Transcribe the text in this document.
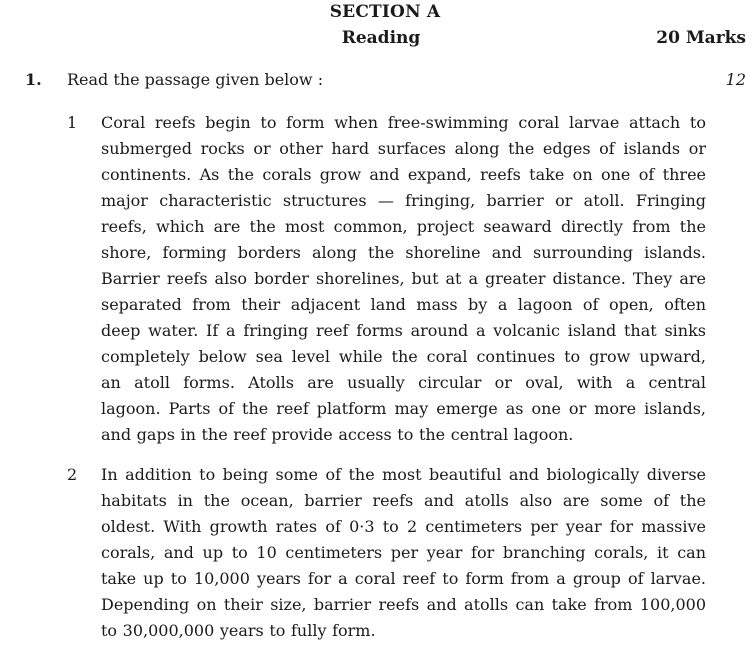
SECTION A
Reading	20 Marks
1. Read the passage given below :	12
1 Coral reefs begin to form when free-swimming coral larvae attach to
submerged rocks or other hard surfaces along the edges of islands or
continents. As the corals grow and expand, reefs take on one of three
major characteristic structures — fringing, barrier or atoll. Fringing
reefs, which are the most common, project seaward directly from the
shore, forming borders along the shoreline and surrounding islands.
Barrier reefs also border shorelines, but at a greater distance. They are
separated from their adjacent land mass by a lagoon of open, often
deep water. If a fringing reef forms around a volcanic island that sinks
completely below sea level while the coral continues to grow upward,
an atoll forms. Atolls are usually circular or oval, with a central
lagoon. Parts of the reef platform may emerge as one or more islands,
and gaps in the reef provide access to the central lagoon.
2 In addition to being some of the most beautiful and biologically diverse
habitats in the ocean, barrier reefs and atolls also are some of the
oldest. With growth rates of 0·3 to 2 centimeters per year for massive
corals, and up to 10 centimeters per year for branching corals, it can
take up to 10,000 years for a coral reef to form from a group of larvae.
Depending on their size, barrier reefs and atolls can take from 100,000
to 30,000,000 years to fully form.
